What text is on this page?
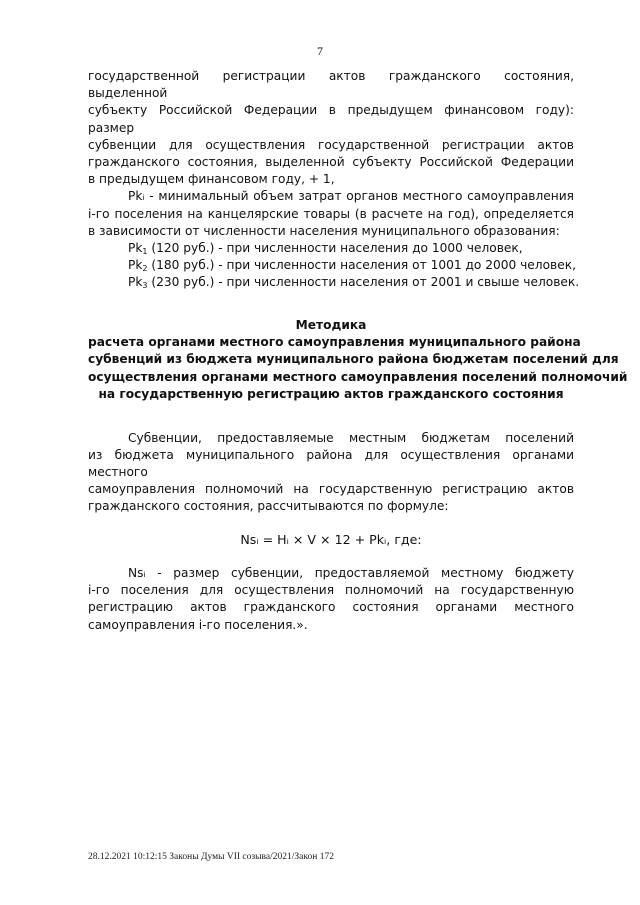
7

государственной регистрации актов гражданского состояния, выделенной

субъекту Российской Федерации в предыдущем финансовом году): размер

субвенции для осуществления государственной регистрации актов

гражданского состояния, выделенной субъекту Российской Федерации

в предыдущем финансовом году, + 1,

Pkᵢ - минимальный объем затрат органов местного самоуправления

i-го поселения на канцелярские товары (в расчете на год), определяется

в зависимости от численности населения муниципального образования:

$Pk_1$ (120 руб.) - при численности населения до 1000 человек,

$Pk_2$ (180 руб.) - при численности населения от 1001 до 2000 человек,

$Pk_3$ (230 руб.) - при численности населения от 2001 и свыше человек.

Методика
расчета органами местного самоуправления муниципального района
субвенций из бюджета муниципального района бюджетам поселений для
осуществления органами местного самоуправления поселений полномочий
на государственную регистрацию актов гражданского состояния

Субвенции, предоставляемые местным бюджетам поселений

из бюджета муниципального района для осуществления органами местного

самоуправления полномочий на государственную регистрацию актов

гражданского состояния, рассчитываются по формуле:

Nsᵢ = Hᵢ × V × 12 + Pkᵢ, где:

Nsᵢ - размер субвенции, предоставляемой местному бюджету

i-го поселения для осуществления полномочий на государственную

регистрацию актов гражданского состояния органами местного

самоуправления i-го поселения.».

28.12.2021 10:12:15 Законы Думы VII созыва/2021/Закон 172
